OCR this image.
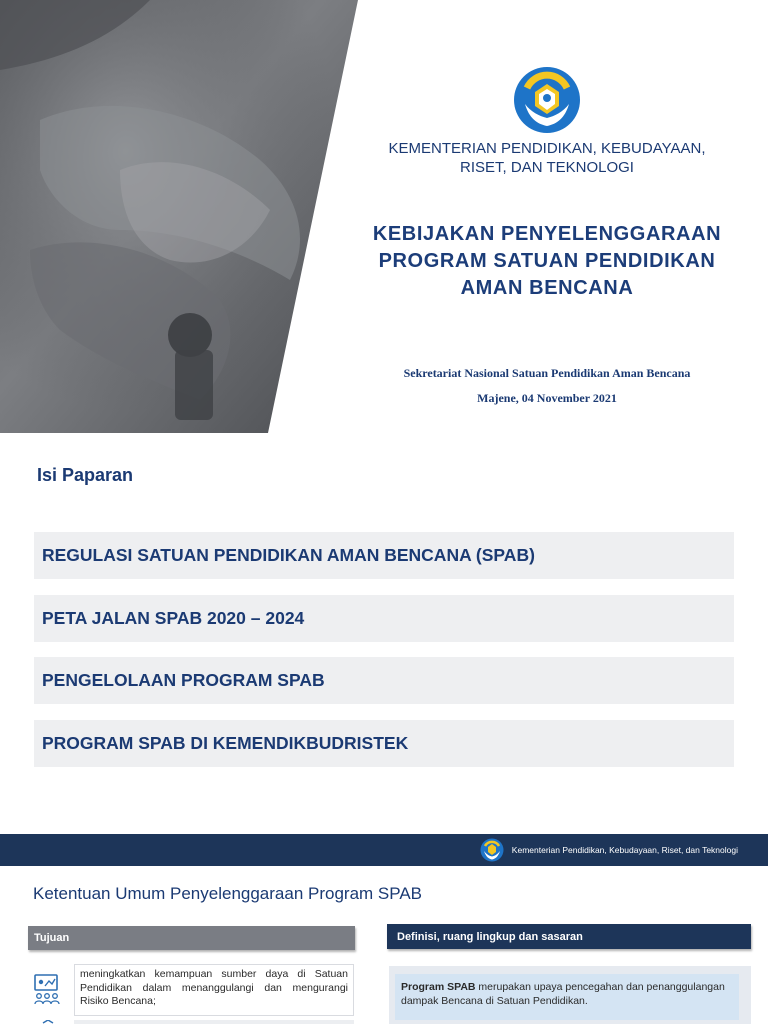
KEMENTERIAN PENDIDIKAN, KEBUDAYAAN,
RISET, DAN TEKNOLOGI
KEBIJAKAN PENYELENGGARAAN
PROGRAM SATUAN PENDIDIKAN
AMAN BENCANA
Sekretariat Nasional Satuan Pendidikan Aman Bencana
Majene, 04 November 2021
Isi Paparan
REGULASI SATUAN PENDIDIKAN AMAN BENCANA (SPAB)
PETA JALAN SPAB 2020 – 2024
PENGELOLAAN PROGRAM SPAB
PROGRAM SPAB DI KEMENDIKBUDRISTEK
Kementerian Pendidikan, Kebudayaan, Riset, dan Teknologi
Ketentuan Umum Penyelenggaraan Program SPAB
Tujuan	Definisi, ruang lingkup dan sasaran
meningkatkan kemampuan sumber daya di Satuan Pendidikan dalam menanggulangi dan mengurangi Risiko Bencana;
Program SPAB merupakan upaya pencegahan dan penanggulangan dampak Bencana di Satuan Pendidikan.
